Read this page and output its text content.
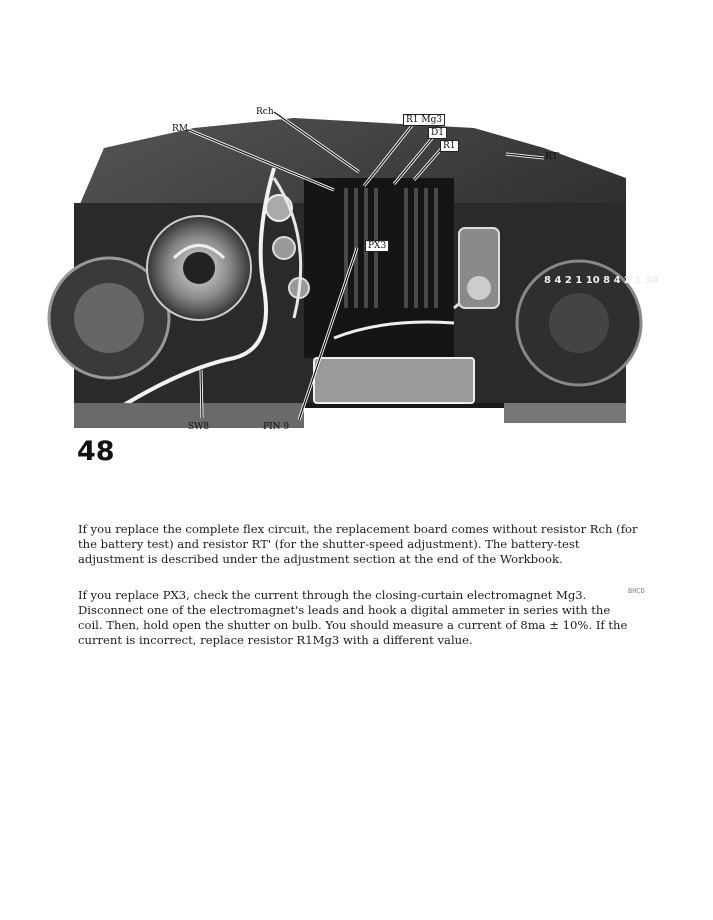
8 4 2 1 10 8 4 2 1 30
Rch
RM
R1 Mg3
D1
R1
RT'
PX3
SW8	PIN 9
48

If you replace the complete flex circuit, the replacement board comes without resistor Rch (for the battery test) and resistor RT' (for the shutter-speed adjustment). The battery-test adjustment is described under the adjustment section at the end of the Workbook.

If you replace PX3, check the current through the closing-curtain electromagnet Mg3. Disconnect one of the electromagnet's leads and hook a digital ammeter in series with the coil. Then, hold open the shutter on bulb. You should measure a current of 8ma ± 10%. If the current is incorrect, replace resistor R1Mg3 with a different value.

BHCD
